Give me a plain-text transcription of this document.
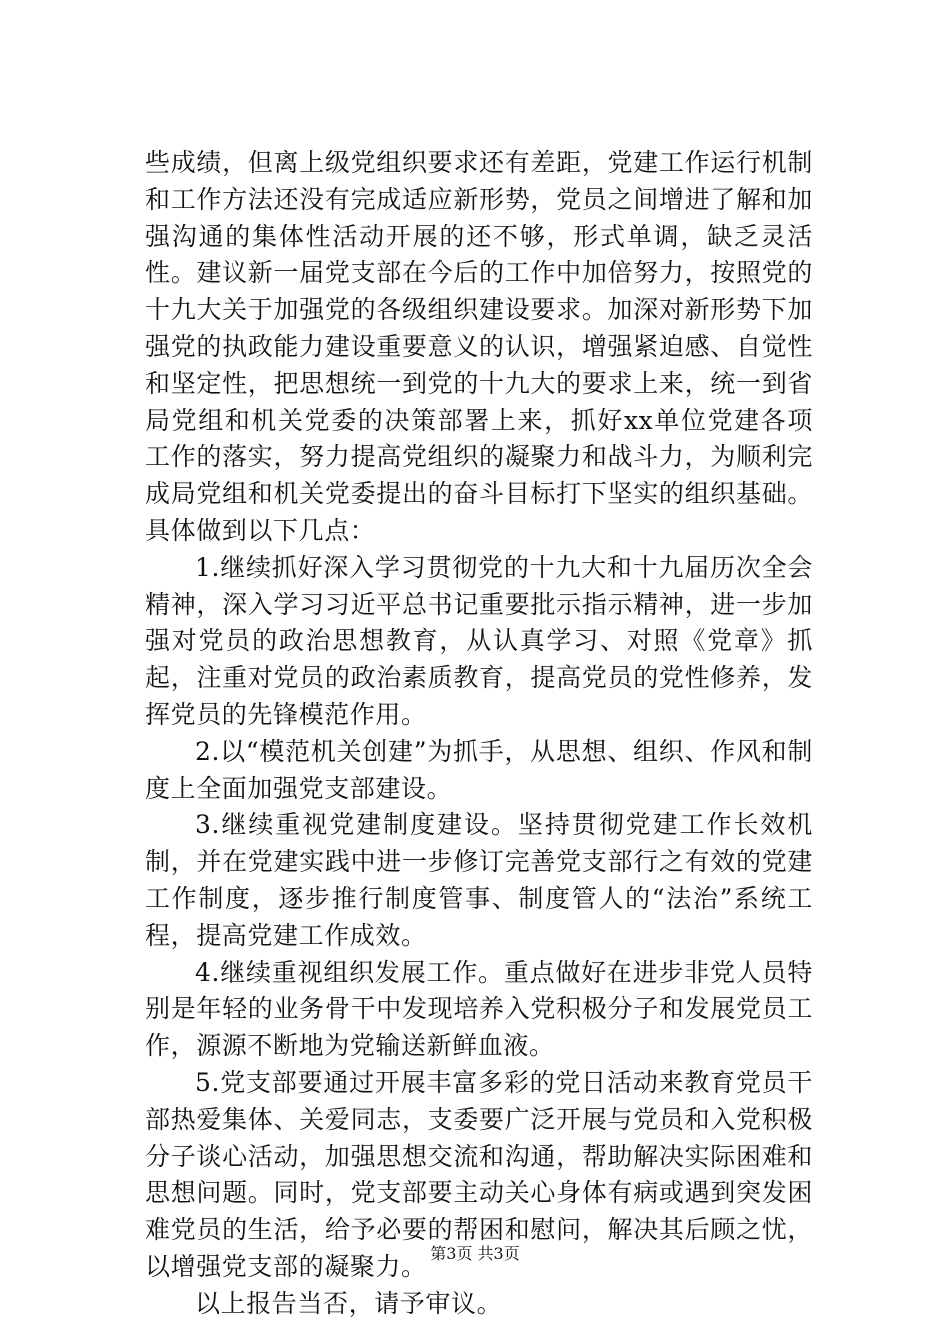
些成绩，但离上级党组织要求还有差距，党建工作运行机制和工作方法还没有完成适应新形势，党员之间增进了解和加强沟通的集体性活动开展的还不够，形式单调，缺乏灵活性。建议新一届党支部在今后的工作中加倍努力，按照党的十九大关于加强党的各级组织建设要求。加深对新形势下加强党的执政能力建设重要意义的认识，增强紧迫感、自觉性和坚定性，把思想统一到党的十九大的要求上来，统一到省局党组和机关党委的决策部署上来，抓好xx单位党建各项工作的落实，努力提高党组织的凝聚力和战斗力，为顺利完成局党组和机关党委提出的奋斗目标打下坚实的组织基础。具体做到以下几点：

1.继续抓好深入学习贯彻党的十九大和十九届历次全会精神，深入学习习近平总书记重要批示指示精神，进一步加强对党员的政治思想教育，从认真学习、对照《党章》抓起，注重对党员的政治素质教育，提高党员的党性修养，发挥党员的先锋模范作用。

2.以“模范机关创建”为抓手，从思想、组织、作风和制度上全面加强党支部建设。

3.继续重视党建制度建设。坚持贯彻党建工作长效机制，并在党建实践中进一步修订完善党支部行之有效的党建工作制度，逐步推行制度管事、制度管人的“法治”系统工程，提高党建工作成效。

4.继续重视组织发展工作。重点做好在进步非党人员特别是年轻的业务骨干中发现培养入党积极分子和发展党员工作，源源不断地为党输送新鲜血液。

5.党支部要通过开展丰富多彩的党日活动来教育党员干部热爱集体、关爱同志，支委要广泛开展与党员和入党积极分子谈心活动，加强思想交流和沟通，帮助解决实际困难和思想问题。同时，党支部要主动关心身体有病或遇到突发困难党员的生活，给予必要的帮困和慰问，解决其后顾之忧，以增强党支部的凝聚力。

以上报告当否，请予审议。

第3页 共3页
